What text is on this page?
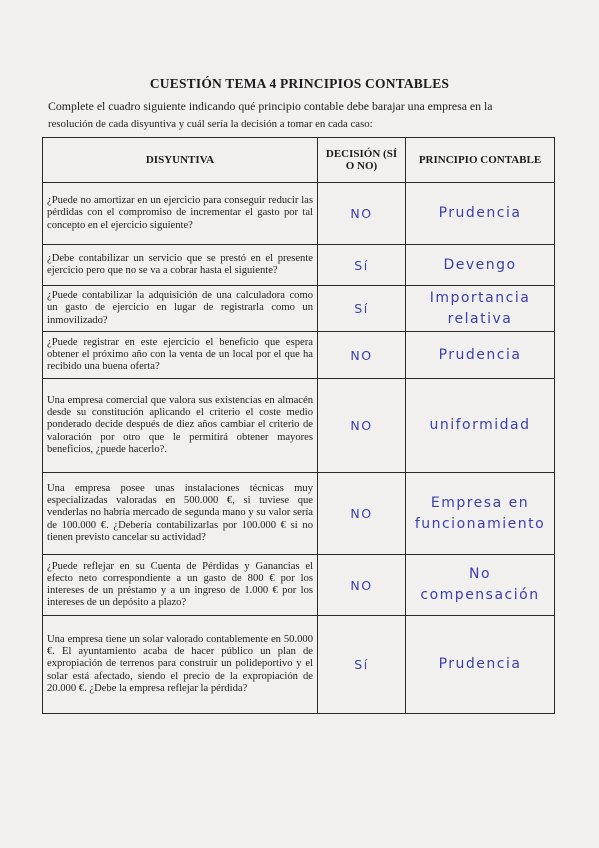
CUESTIÓN TEMA 4 PRINCIPIOS CONTABLES
Complete el cuadro siguiente indicando qué principio contable debe barajar una empresa en la
resolución de cada disyuntiva y cuál sería la decisión a tomar en cada caso:
DISYUNTIVA	DECISIÓN (SÍ O NO)	PRINCIPIO CONTABLE
¿Puede no amortizar en un ejercicio para conseguir reducir las pérdidas con el compromiso de incrementar el gasto por tal concepto en el ejercicio siguiente?	NO	Prudencia

¿Debe contabilizar un servicio que se prestó en el presente ejercicio pero que no se va a cobrar hasta el siguiente?	Sí	Devengo

¿Puede contabilizar la adquisición de una calculadora como un gasto de ejercicio en lugar de registrarla como un inmovilizado?	Sí	Importancia
relativa

¿Puede registrar en este ejercicio el beneficio que espera obtener el próximo año con la venta de un local por el que ha recibido una buena oferta?	NO	Prudencia

Una empresa comercial que valora sus existencias en almacén desde su constitución aplicando el criterio el coste medio ponderado decide después de diez años cambiar el criterio de valoración por otro que le permitirá obtener mayores beneficios, ¿puede hacerlo?.	NO	uniformidad

Una empresa posee unas instalaciones técnicas muy especializadas valoradas en 500.000 €, si tuviese que venderlas no habría mercado de segunda mano y su valor sería de 100.000 €. ¿Debería contabilizarlas por 100.000 € si no tienen previsto cancelar su actividad?	NO	Empresa en
funcionamiento

¿Puede reflejar en su Cuenta de Pérdidas y Ganancias el efecto neto correspondiente a un gasto de 800 € por los intereses de un préstamo y a un ingreso de 1.000 € por los intereses de un depósito a plazo?	NO	No
compensación

Una empresa tiene un solar valorado contablemente en 50.000 €. El ayuntamiento acaba de hacer público un plan de expropiación de terrenos para construir un polideportivo y el solar está afectado, siendo el precio de la expropiación de 20.000 €. ¿Debe la empresa reflejar la pérdida?	Sí	Prudencia
